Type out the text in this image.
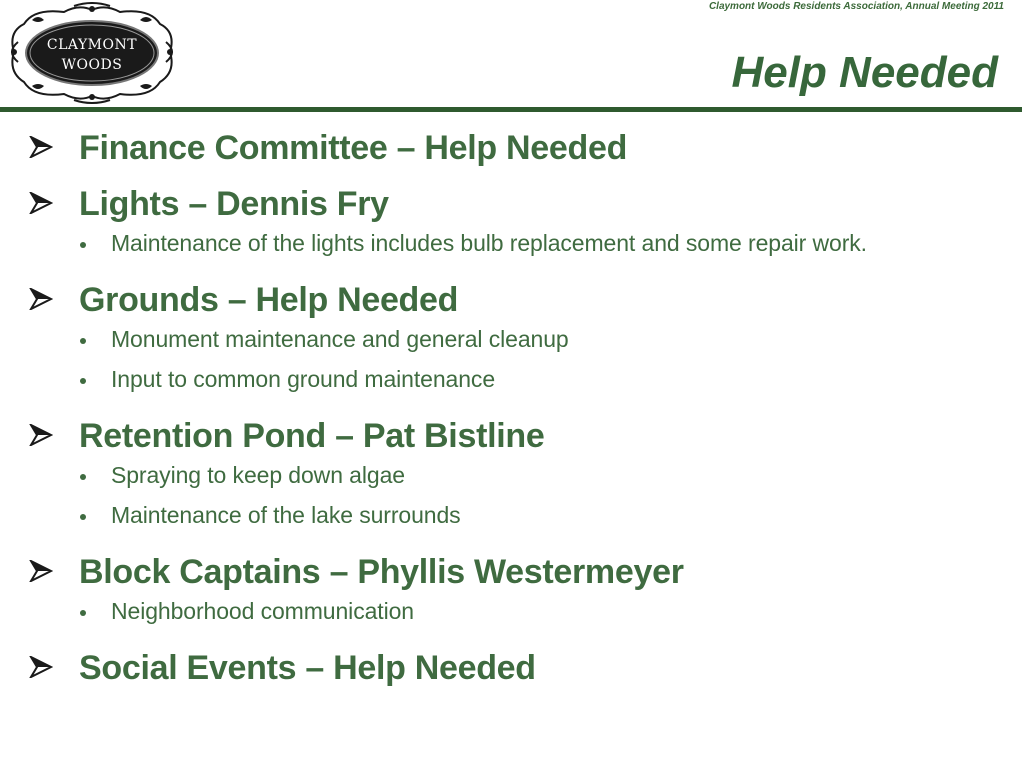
CLAYMONT
WOODS
Claymont Woods Residents Association, Annual Meeting 2011
Help Needed
Finance Committee – Help Needed
Lights – Dennis Fry
Maintenance of the lights includes bulb replacement and some repair work.
Grounds – Help Needed
Monument maintenance and general cleanup
Input to common ground maintenance
Retention Pond – Pat Bistline
Spraying to keep down algae
Maintenance of the lake surrounds
Block Captains – Phyllis Westermeyer
Neighborhood communication
Social Events – Help Needed
